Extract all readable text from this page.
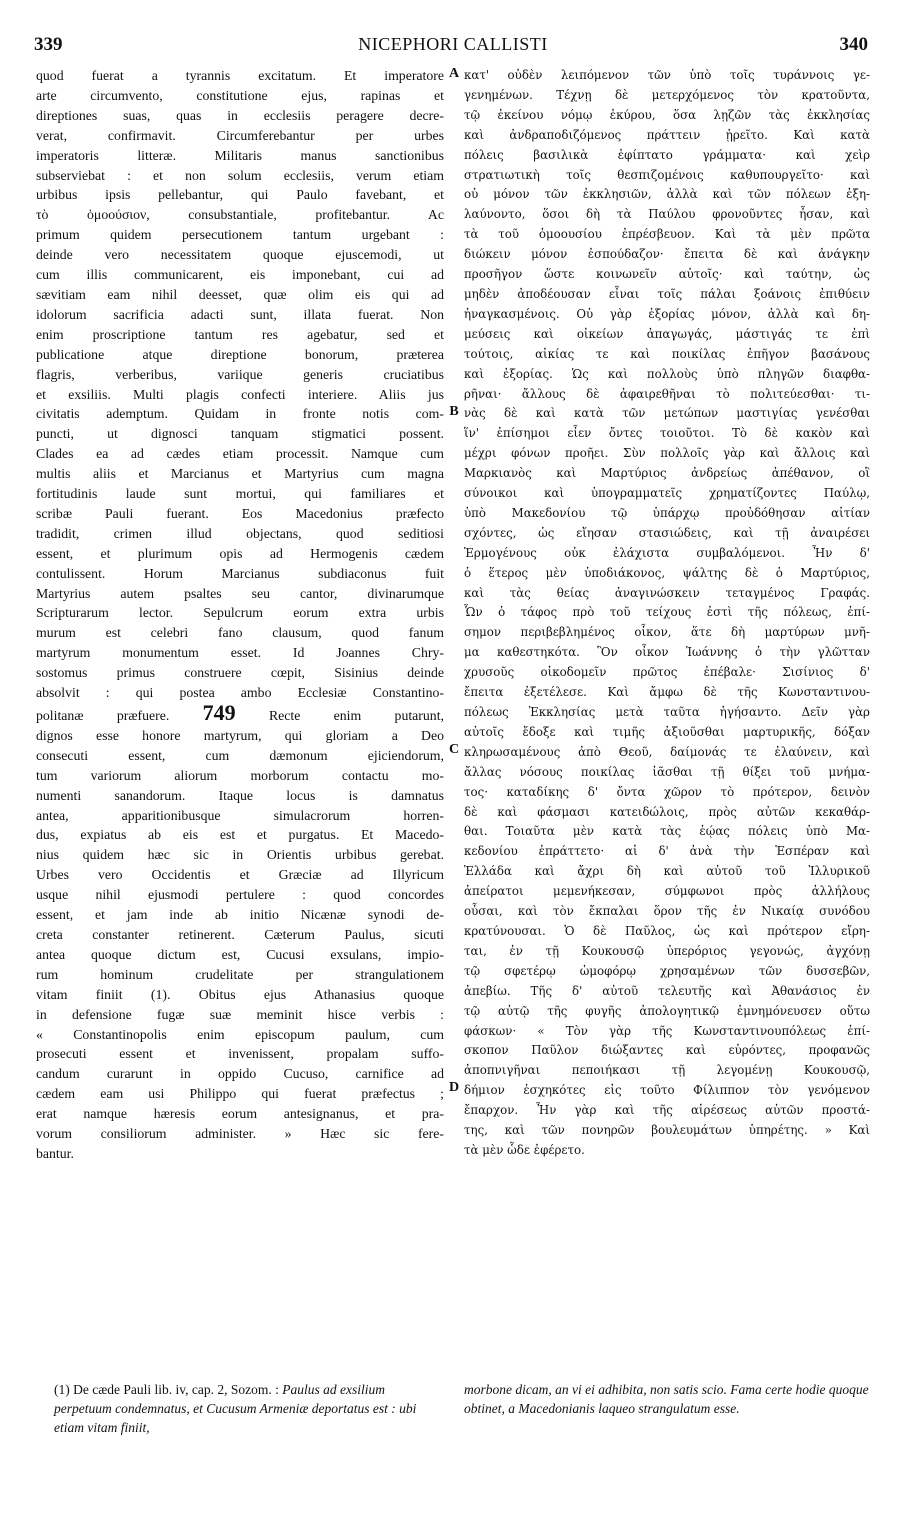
339	NICEPHORI CALLISTI	340
quod fuerat a tyrannis excitatum. Et imperatore
arte circumvento, constitutione ejus, rapinas et
direptiones suas, quas in ecclesiis peragere decre-
verat, confirmavit. Circumferebantur per urbes
imperatoris litteræ. Militaris manus sanctionibus
subserviebat : et non solum ecclesiis, verum etiam
urbibus ipsis pellebantur, qui Paulo favebant, et
τὸ ὁμοούσιον, consubstantiale, profitebantur. Ac
primum quidem persecutionem tantum urgebant :
deinde vero necessitatem quoque ejuscemodi, ut
cum illis communicarent, eis imponebant, cui ad
sævitiam eam nihil deesset, quæ olim eis qui ad
idolorum sacrificia adacti sunt, illata fuerat. Non
enim proscriptione tantum res agebatur, sed et
publicatione atque direptione bonorum, præterea
flagris, verberibus, variique generis cruciatibus
et exsiliis. Multi plagis confecti interiere. Aliis jus
civitatis ademptum. Quidam in fronte notis com-
puncti, ut dignosci tanquam stigmatici possent.
Clades ea ad cædes etiam processit. Namque cum
multis aliis et Marcianus et Martyrius cum magna
fortitudinis laude sunt mortui, qui familiares et
scribæ Pauli fuerant. Eos Macedonius præfecto
tradidit, crimen illud objectans, quod seditiosi
essent, et plurimum opis ad Hermogenis cædem
contulissent. Horum Marcianus subdiaconus fuit
Martyrius autem psaltes seu cantor, divinarumque
Scripturarum lector. Sepulcrum eorum extra urbis
murum est celebri fano clausum, quod fanum
martyrum monumentum esset. Id Joannes Chry-
sostomus primus construere cœpit, Sisinius deinde
absolvit : qui postea ambo Ecclesiæ Constantino-
politanæ præfuere. 749 Recte enim putarunt,
dignos esse honore martyrum, qui gloriam a Deo
consecuti essent, cum dæmonum ejiciendorum,
tum variorum aliorum morborum contactu mo-
numenti sanandorum. Itaque locus is damnatus
antea, apparitionibusque simulacrorum horren-
dus, expiatus ab eis est et purgatus. Et Macedo-
nius quidem hæc sic in Orientis urbibus gerebat.
Urbes vero Occidentis et Græciæ ad Illyricum
usque nihil ejusmodi pertulere : quod concordes
essent, et jam inde ab initio Nicænæ synodi de-
creta constanter retinerent. Cæterum Paulus, sicuti
antea quoque dictum est, Cucusi exsulans, impio-
rum hominum crudelitate per strangulationem
vitam finiit (1). Obitus ejus Athanasius quoque
in defensione fugæ suæ meminit hisce verbis :
« Constantinopolis enim episcopum paulum, cum
prosecuti essent et invenissent, propalam suffo-
candum curarunt in oppido Cucuso, carnifice ad
cædem eam usi Philippo qui fuerat præfectus ;
erat namque hæresis eorum antesignanus, et pra-
vorum consiliorum administer. » Hæc sic fere-
bantur.
κατ' οὐδὲν λειπόμενον τῶν ὑπὸ τοῖς τυράννοις γε-
γενημένων. Τέχνῃ δὲ μετερχόμενος τὸν κρατοῦντα,
τῷ ἐκείνου νόμῳ ἐκύρου, ὅσα λῃζῶν τὰς ἐκκλησίας
καὶ ἀνδραποδιζόμενος πράττειν ᾑρεῖτο. Καὶ κατὰ
πόλεις βασιλικὰ ἐφίπτατο γράμματα· καὶ χεὶρ
στρατιωτικὴ τοῖς θεσπιζομένοις καθυπουργεῖτο· καὶ
οὐ μόνον τῶν ἐκκλησιῶν, ἀλλὰ καὶ τῶν πόλεων ἐξη-
λαύνοντο, ὅσοι δὴ τὰ Παύλου φρονοῦντες ἦσαν, καὶ
τὰ τοῦ ὁμοουσίου ἐπρέσβευον. Καὶ τὰ μὲν πρῶτα
διώκειν μόνον ἐσπούδαζον· ἔπειτα δὲ καὶ ἀνάγκην
προσῆγον ὥστε κοινωνεῖν αὐτοῖς· καὶ ταύτην, ὡς
μηδὲν ἀποδέουσαν εἶναι τοῖς πάλαι ξοάνοις ἐπιθύειν
ἠναγκασμένοις. Οὐ γὰρ ἐξορίας μόνον, ἀλλὰ καὶ δη-
μεύσεις καὶ οἰκείων ἀπαγωγάς, μάστιγάς τε ἐπὶ
τούτοις, αἰκίας τε καὶ ποικίλας ἐπῆγον βασάνους
καὶ ἐξορίας. Ὡς καὶ πολλοὺς ὑπὸ πληγῶν διαφθα-
ρῆναι· ἄλλους δὲ ἀφαιρεθῆναι τὸ πολιτεύεσθαι· τι-
νὰς δὲ καὶ κατὰ τῶν μετώπων μαστιγίας γενέσθαι
ἵν' ἐπίσημοι εἶεν ὄντες τοιοῦτοι. Τὸ δὲ κακὸν καὶ
μέχρι φόνων προῆει. Σὺν πολλοῖς γὰρ καὶ ἄλλοις καὶ
Μαρκιανὸς καὶ Μαρτύριος ἀνδρείως ἀπέθανον, οἳ
σύνοικοι καὶ ὑπογραμματεῖς χρηματίζοντες Παύλῳ,
ὑπὸ Μακεδονίου τῷ ὑπάρχῳ προὐδόθησαν αἰτίαν
σχόντες, ὡς εἴησαν στασιώδεις, καὶ τῇ ἀναιρέσει
Ἑρμογένους οὐκ ἐλάχιστα συμβαλόμενοι. Ἦν δ'
ὁ ἕτερος μὲν ὑποδιάκονος, ψάλτης δὲ ὁ Μαρτύριος,
καὶ τὰς θείας ἀναγινώσκειν τεταγμένος Γραφάς.
Ὧν ὁ τάφος πρὸ τοῦ τείχους ἐστὶ τῆς πόλεως, ἐπί-
σημον περιβεβλημένος οἶκον, ἅτε δὴ μαρτύρων μνῆ-
μα καθεστηκότα. Ὃν οἶκον Ἰωάννης ὁ τὴν γλῶτταν
χρυσοῦς οἰκοδομεῖν πρῶτος ἐπέβαλε· Σισίνιος δ'
ἔπειτα ἐξετέλεσε. Καὶ ἄμφω δὲ τῆς Κωνσταντινου-
πόλεως Ἐκκλησίας μετὰ ταῦτα ἡγήσαντο. Δεῖν γὰρ
αὐτοῖς ἔδοξε καὶ τιμῆς ἀξιοῦσθαι μαρτυρικῆς, δόξαν
κληρωσαμένους ἀπὸ Θεοῦ, δαίμονάς τε ἐλαύνειν, καὶ
ἄλλας νόσους ποικίλας ἰᾶσθαι τῇ θίξει τοῦ μνήμα-
τος· καταδίκης δ' ὄντα χῶρον τὸ πρότερον, δεινὸν
δὲ καὶ φάσμασι κατειδώλοις, πρὸς αὐτῶν κεκαθάρ-
θαι. Τοιαῦτα μὲν κατὰ τὰς ἑῴας πόλεις ὑπὸ Μα-
κεδονίου ἐπράττετο· αἱ δ' ἀνὰ τὴν Ἑσπέραν καὶ
Ἑλλάδα καὶ ἄχρι δὴ καὶ αὐτοῦ τοῦ Ἰλλυρικοῦ
ἀπείρατοι μεμενήκεσαν, σύμφωνοι πρὸς ἀλλήλους
οὖσαι, καὶ τὸν ἔκπαλαι ὅρον τῆς ἐν Νικαίᾳ συνόδου
κρατύνουσαι. Ὁ δὲ Παῦλος, ὡς καὶ πρότερον εἴρη-
ται, ἐν τῇ Κουκουσῷ ὑπερόριος γεγονώς, ἀγχόνῃ
τῷ σφετέρῳ ὠμοφόρῳ χρησαμένων τῶν δυσσεβῶν,
ἀπεβίω. Τῆς δ' αὐτοῦ τελευτῆς καὶ Ἀθανάσιος ἐν
τῷ αὐτῷ τῆς φυγῆς ἀπολογητικῷ ἐμνημόνευσεν οὕτω
φάσκων· « Τὸν γὰρ τῆς Κωνσταντινουπόλεως ἐπί-
σκοπον Παῦλον διώξαντες καὶ εὑρόντες, προφανῶς
ἀποπνιγῆναι πεποιήκασι τῇ λεγομένῃ Κουκουσῷ,
δήμιον ἐσχηκότες εἰς τοῦτο Φίλιππον τὸν γενόμενον
ἔπαρχον. Ἦν γὰρ καὶ τῆς αἱρέσεως αὐτῶν προστά-
της, καὶ τῶν πονηρῶν βουλευμάτων ὑπηρέτης. » Καὶ
τὰ μὲν ὧδε ἐφέρετο.
A
B
C
D
(1) De cæde Pauli lib. iv, cap. 2, Sozom. : Paulus ad exsilium perpetuum condemnatus, et Cucusum Armeniæ deportatus est : ubi etiam vitam finiit,
morbone dicam, an vi ei adhibita, non satis scio. Fama certe hodie quoque obtinet, a Macedonianis laqueo strangulatum esse.
